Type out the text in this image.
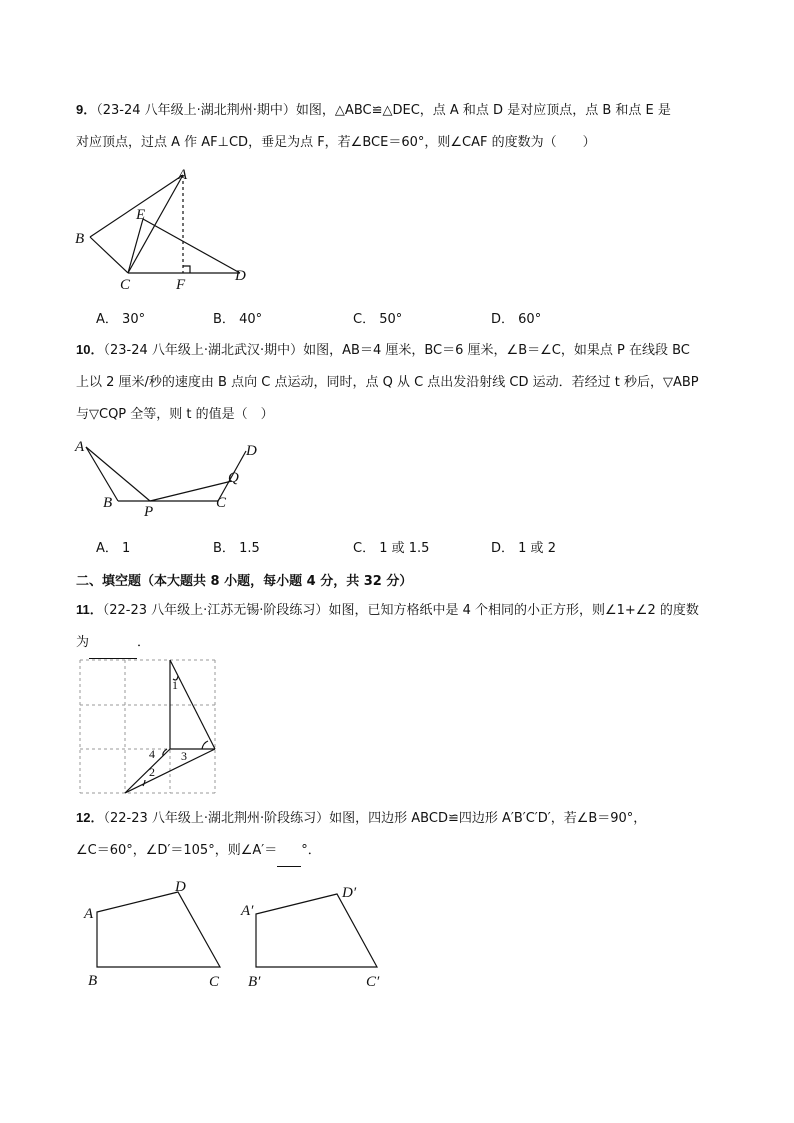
9．（23-24 八年级上·湖北荆州·期中）如图，△ABC≌△DEC，点 A 和点 D 是对应顶点，点 B 和点 E 是
对应顶点，过点 A 作 AF⊥CD，垂足为点 F，若∠BCE＝60°，则∠CAF 的度数为（　　）
A
B
C
D
E
F
A． 30°	B． 40°	C． 50°	D． 60°
10．（23-24 八年级上·湖北武汉·期中）如图，AB＝4 厘米，BC＝6 厘米，∠B＝∠C，如果点 P 在线段 BC
上以 2 厘米/秒的速度由 B 点向 C 点运动，同时，点 Q 从 C 点出发沿射线 CD 运动．若经过 t 秒后，▽ABP
与▽CQP 全等，则 t 的值是（　）
A
B
P
C
Q
D
A． 1	B． 1.5	C． 1 或 1.5	D． 1 或 2
二、填空题（本大题共 8 小题，每小题 4 分，共 32 分）
11．（22-23 八年级上·江苏无锡·阶段练习）如图，已知方格纸中是 4 个相同的小正方形，则∠1+∠2 的度数
为	．
1
2
3
4
12．（22-23 八年级上·湖北荆州·阶段练习）如图，四边形 ABCD≌四边形 A′B′C′D′，若∠B＝90°，
∠C＝60°，∠D′＝105°，则∠A′＝ °．
A
D
B	C
A′
D′
B′	C′
